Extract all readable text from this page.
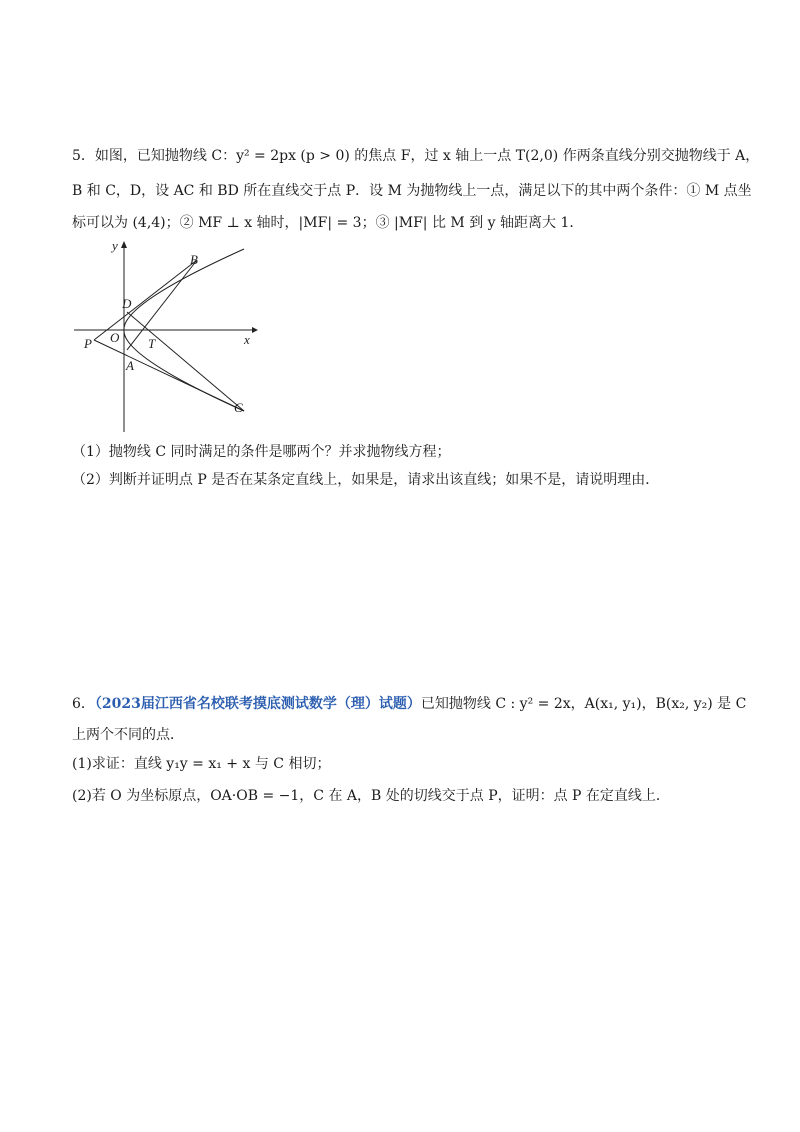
5．如图，已知抛物线 C：y² = 2px (p > 0) 的焦点 F，过 x 轴上一点 T(2,0) 作两条直线分别交抛物线于 A，
B 和 C，D，设 AC 和 BD 所在直线交于点 P．设 M 为抛物线上一点，满足以下的其中两个条件：① M 点坐
标可以为 (4,4)；② MF ⊥ x 轴时，|MF| = 3；③ |MF| 比 M 到 y 轴距离大 1．
y
x
B
D
O
P	T
A
C
（1）抛物线 C 同时满足的条件是哪两个？并求抛物线方程；
（2）判断并证明点 P 是否在某条定直线上，如果是，请求出该直线；如果不是，请说明理由．
6．（2023届江西省名校联考摸底测试数学（理）试题）已知抛物线 C : y² = 2x，A(x₁, y₁)，B(x₂, y₂) 是 C
上两个不同的点．
(1)求证：直线 y₁y = x₁ + x 与 C 相切；
(2)若 O 为坐标原点，OA·OB = −1，C 在 A，B 处的切线交于点 P，证明：点 P 在定直线上．
